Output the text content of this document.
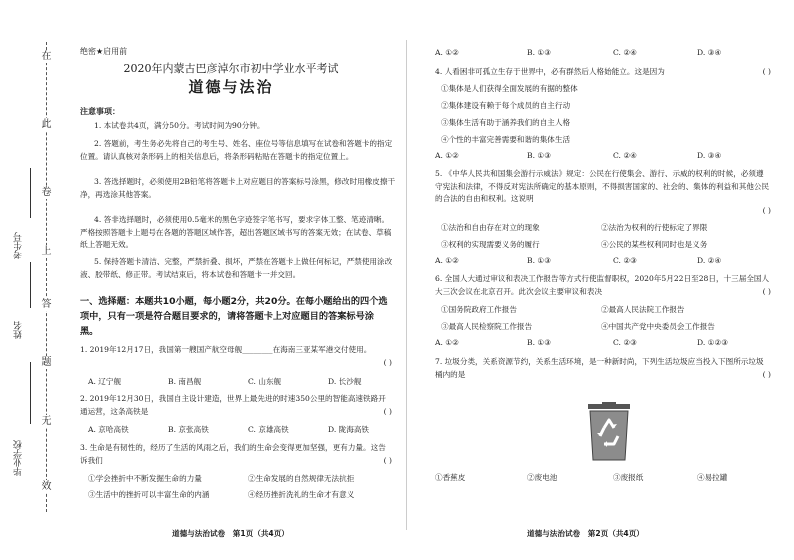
在
此
卷
上
答
题
无
效
考生号
姓名
毕业学校
绝密★启用前
2020年内蒙古巴彦淖尔市初中学业水平考试
道德与法治
注意事项：
1. 本试卷共4页，满分50分。考试时间为90分钟。
2. 答题前，考生务必先将自己的考生号、姓名、座位号等信息填写在试卷和答题卡的指定位置。请认真核对条形码上的相关信息后，将条形码粘贴在答题卡的指定位置上。
3. 答选择题时，必须使用2B铅笔将答题卡上对应题目的答案标号涂黑，修改时用橡皮擦干净，再选涂其他答案。
4. 答非选择题时，必须使用0.5毫米的黑色字迹签字笔书写，要求字体工整、笔迹清晰。严格按照答题卡上题号在各题的答题区域作答，超出答题区域书写的答案无效；在试卷、草稿纸上答题无效。
5. 保持答题卡清洁、完整，严禁折叠、损坏，严禁在答题卡上做任何标记，严禁使用涂改液、胶带纸、修正带。考试结束后，将本试卷和答题卡一并交回。
一、选择题：本题共10小题，每小题2分，共20分。在每小题给出的四个选项中，只有一项是符合题目要求的，请将答题卡上对应题目的答案标号涂黑。
1. 2019年12月17日，我国第一艘国产航空母舰________在海南三亚某军港交付使用。
( )
A. 辽宁舰	B. 南昌舰	C. 山东舰	D. 长沙舰
2. 2019年12月30日，我国自主设计建造，世界上最先进的时速350公里的智能高速铁路开通运营，这条高铁是	( )
A. 京哈高铁	B. 京张高铁	C. 京雄高铁	D. 陇海高铁
3. 生命是有韧性的，经历了生活的风雨之后，我们的生命会变得更加坚强，更有力量。这告诉我们	( )
①学会挫折中不断发掘生命的力量	②生命发展的自然规律无法抗拒
③生活中的挫折可以丰富生命的内涵	④经历挫折洗礼的生命才有意义
道德与法治试卷　第1页（共4页）
A. ①②	B. ①③	C. ②④	D. ③④
4. 人看困非可孤立生存于世界中，必有群然后人格始能立。这是因为	( )
①集体是人们获得全面发展的有据的整体
②集体建设有赖于每个成员的自主行动
③集体生活有助于涵养我们的自主人格
④个性的丰富完善需要和谐的集体生活
A. ①②	B. ①③	C. ②④	D. ③④
5. 《中华人民共和国集会游行示威法》规定：公民在行使集会、游行、示威的权利的时候，必须遵守宪法和法律，不得反对宪法所确定的基本原则，不得损害国家的、社会的、集体的利益和其他公民的合法的自由和权利。这说明
( )
①法治和自由存在对立的现象	②法治为权利的行使标定了界限
③权利的实现需要义务的履行	④公民的某些权利同时也是义务
A. ①②	B. ①③	C. ②③	D. ②④
6. 全国人大通过审议和表决工作报告等方式行使监督职权，2020年5月22日至28日，十三届全国人大三次会议在北京召开。此次会议主要审议和表决	( )
①国务院政府工作报告	②最高人民法院工作报告
③最高人民检察院工作报告	④中国共产党中央委员会工作报告
A. ①②	B. ①③	C. ②③	D. ①②③
7. 垃圾分类，关系资源节约，关系生活环境，是一种新时尚，下列生活垃圾应当投入下图所示垃圾桶内的是	( )
①香蕉皮	②废电池	③废报纸	④易拉罐
道德与法治试卷　第2页（共4页）
